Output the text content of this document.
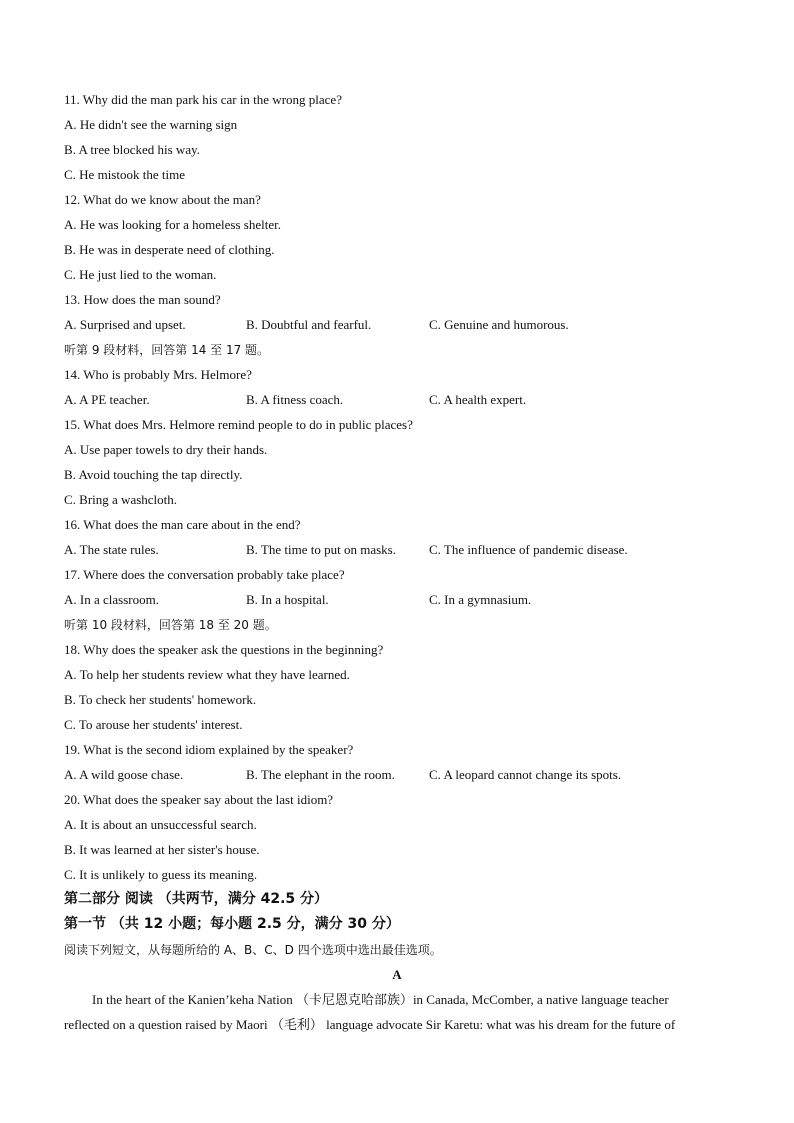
11. Why did the man park his car in the wrong place?
A. He didn't see the warning sign
B. A tree blocked his way.
C. He mistook the time
12. What do we know about the man?
A. He was looking for a homeless shelter.
B. He was in desperate need of clothing.
C. He just lied to the woman.
13. How does the man sound?
A. Surprised and upset.	B. Doubtful and fearful.	C. Genuine and humorous.
听第 9 段材料，回答第 14 至 17 题。
14. Who is probably Mrs. Helmore?
A. A PE teacher.	B. A fitness coach.	C. A health expert.
15. What does Mrs. Helmore remind people to do in public places?
A. Use paper towels to dry their hands.
B. Avoid touching the tap directly.
C. Bring a washcloth.
16. What does the man care about in the end?
A. The state rules.	B. The time to put on masks.	C. The influence of pandemic disease.
17. Where does the conversation probably take place?
A. In a classroom.	B. In a hospital.	C. In a gymnasium.
听第 10 段材料，回答第 18 至 20 题。
18. Why does the speaker ask the questions in the beginning?
A. To help her students review what they have learned.
B. To check her students' homework.
C. To arouse her students' interest.
19. What is the second idiom explained by the speaker?
A. A wild goose chase.	B. The elephant in the room.	C. A leopard cannot change its spots.
20. What does the speaker say about the last idiom?
A. It is about an unsuccessful search.
B. It was learned at her sister's house.
C. It is unlikely to guess its meaning.
第二部分 阅读 （共两节，满分 42.5 分）
第一节 （共 12 小题；每小题 2.5 分，满分 30 分）
阅读下列短文，从每题所给的 A、B、C、D 四个选项中选出最佳选项。
A
In the heart of the Kanien’keha Nation （卡尼恩克哈部族）in Canada, McComber, a native language teacher
reflected on a question raised by Maori （毛利） language advocate Sir Karetu: what was his dream for the future of
